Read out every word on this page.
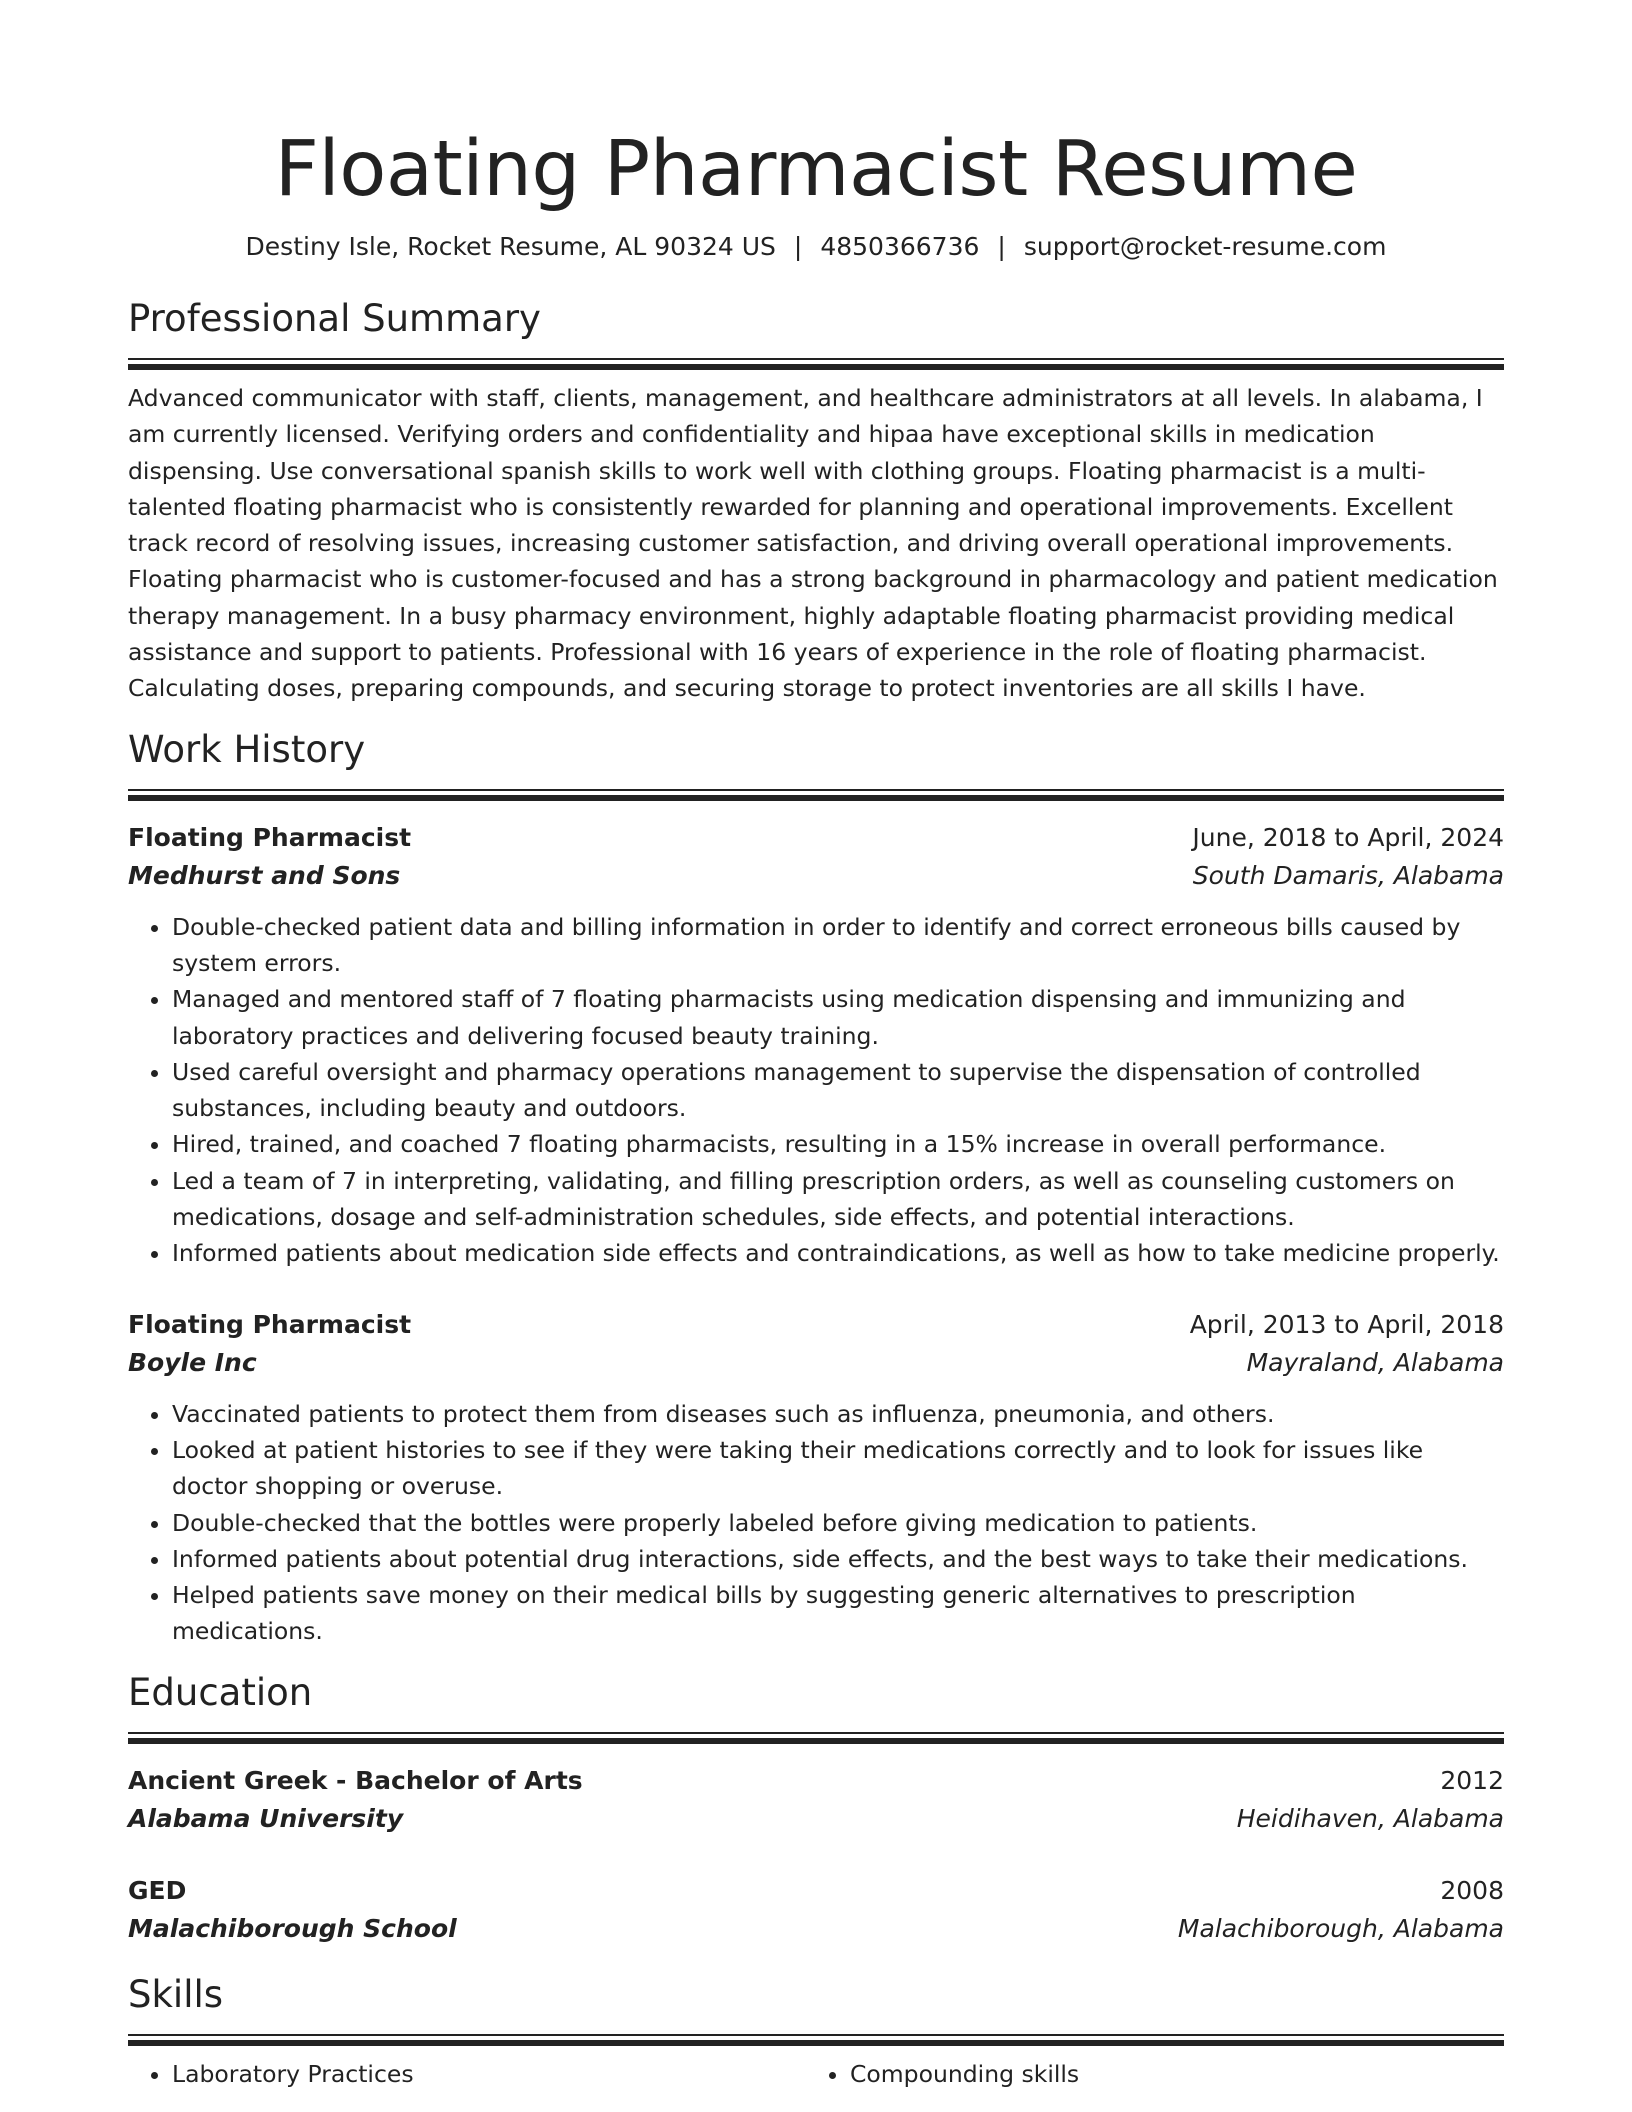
Floating Pharmacist Resume
Destiny Isle, Rocket Resume, AL 90324 US | 4850366736 | support@rocket-resume.com
Professional Summary

Advanced communicator with staff, clients, management, and healthcare administrators at all levels. In alabama, I am currently licensed. Verifying orders and confidentiality and hipaa have exceptional skills in medication dispensing. Use conversational spanish skills to work well with clothing groups. Floating pharmacist is a multi-talented floating pharmacist who is consistently rewarded for planning and operational improvements. Excellent track record of resolving issues, increasing customer satisfaction, and driving overall operational improvements. Floating pharmacist who is customer-focused and has a strong background in pharmacology and patient medication therapy management. In a busy pharmacy environment, highly adaptable floating pharmacist providing medical assistance and support to patients. Professional with 16 years of experience in the role of floating pharmacist. Calculating doses, preparing compounds, and securing storage to protect inventories are all skills I have.

Work History
Floating Pharmacist	June, 2018 to April, 2024
Medhurst and Sons	South Damaris, Alabama
• Double-checked patient data and billing information in order to identify and correct erroneous bills caused by system errors.
• Managed and mentored staff of 7 floating pharmacists using medication dispensing and immunizing and laboratory practices and delivering focused beauty training.
• Used careful oversight and pharmacy operations management to supervise the dispensation of controlled substances, including beauty and outdoors.
• Hired, trained, and coached 7 floating pharmacists, resulting in a 15% increase in overall performance.
• Led a team of 7 in interpreting, validating, and filling prescription orders, as well as counseling customers on medications, dosage and self-administration schedules, side effects, and potential interactions.
• Informed patients about medication side effects and contraindications, as well as how to take medicine properly.
Floating Pharmacist	April, 2013 to April, 2018
Boyle Inc	Mayraland, Alabama
• Vaccinated patients to protect them from diseases such as influenza, pneumonia, and others.
• Looked at patient histories to see if they were taking their medications correctly and to look for issues like doctor shopping or overuse.
• Double-checked that the bottles were properly labeled before giving medication to patients.
• Informed patients about potential drug interactions, side effects, and the best ways to take their medications.
• Helped patients save money on their medical bills by suggesting generic alternatives to prescription medications.
Education
Ancient Greek - Bachelor of Arts	2012
Alabama University	Heidihaven, Alabama
GED	2008
Malachiborough School	Malachiborough, Alabama
Skills
• Laboratory Practices
•	Compounding skills
